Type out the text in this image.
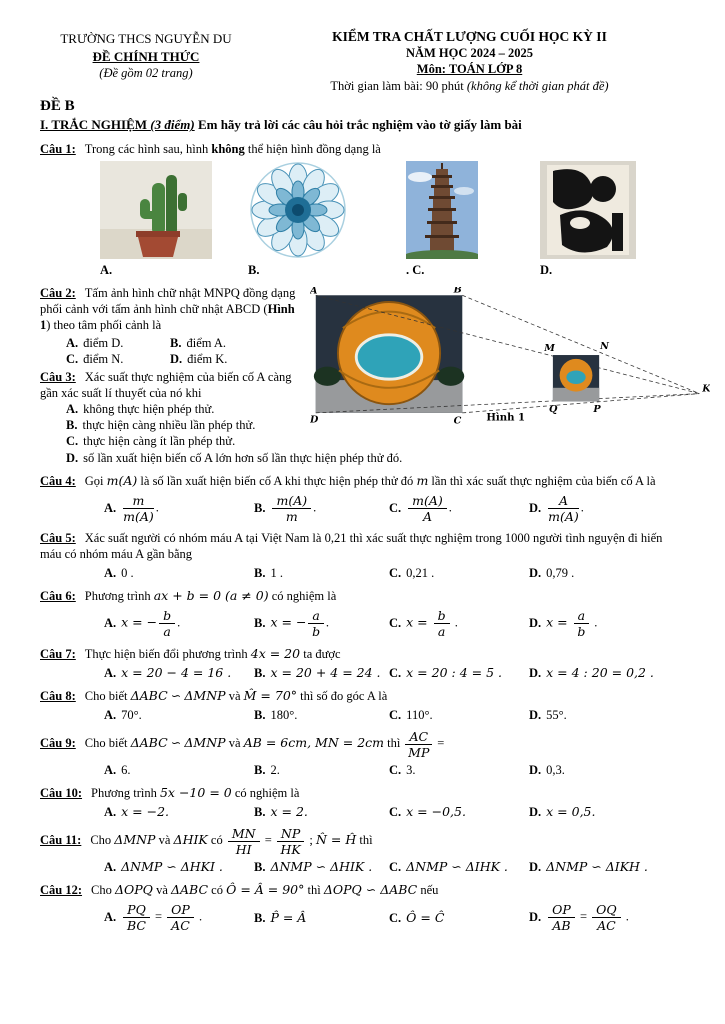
TRƯỜNG THCS NGUYỄN DU
ĐỀ CHÍNH THỨC
(Đề gồm 02 trang)
KIỂM TRA CHẤT LƯỢNG CUỐI HỌC KỲ II
NĂM HỌC 2024 – 2025
Môn: TOÁN LỚP 8
Thời gian làm bài: 90 phút (không kể thời gian phát đề)
ĐỀ B
I. TRẮC NGHIỆM (3 điểm) Em hãy trả lời các câu hỏi trắc nghiệm vào tờ giấy làm bài
Câu 1: Trong các hình sau, hình không thể hiện hình đồng dạng là
A.	B.	. C.	D.
Câu 2: Tấm ảnh hình chữ nhật MNPQ đồng dạng phối cảnh với tấm ảnh hình chữ nhật ABCD (Hình 1) theo tâm phối cảnh là
A. điểm D.	B. điểm A.
C. điểm N.	D. điểm K.
Câu 3: Xác suất thực nghiệm của biến cố A càng gần xác suất lí thuyết của nó khi
A. không thực hiện phép thử.
B. thực hiện càng nhiều lần phép thử.
C. thực hiện càng ít lần phép thử.
A	B
D	C
M	N
Q	P
K
Hình 1
D. số lần xuất hiện biến cố A lớn hơn số lần thực hiện phép thử đó.
Câu 4: Gọi m(A) là số lần xuất hiện biến cố A khi thực hiện phép thử đó m lần thì xác suất thực nghiệm của biến cố A là
A. $\frac{m}{m(A)}$ .	B. $\frac{m(A)}{m}$ .	C. $\frac{m(A)}{A}$ .	D. $\frac{A}{m(A)}$ .
Câu 5: Xác suất người có nhóm máu A tại Việt Nam là 0,21 thì xác suất thực nghiệm trong 1000 người tình nguyện đi hiến máu có nhóm máu A gần bằng
A. 0 .	B. 1 .	C. 0,21 .	D. 0,79 .
Câu 6: Phương trình ax + b = 0 (a ≠ 0) có nghiệm là
A. x = − $\frac{b}{a}$ .	B. x = − $\frac{a}{b}$ .	C. $x = \frac{b}{a}$ .	D. $x = \frac{a}{b}$ .
Câu 7: Thực hiện biến đổi phương trình 4x = 20 ta được
A. x = 20 − 4 = 16 .	B. x = 20 + 4 = 24 . C. x = 20 : 4 = 5 .	D. x = 4 : 20 = 0,2 .
Câu 8: Cho biết ΔABC ∽ ΔMNP và M̂ = 70° thì số đo góc A là
A. 70°.	B. 180°.	C. 110°.	D. 55°.
Câu 9: Cho biết ΔABC ∽ ΔMNP và AB = 6cm, MN = 2cm thì $\frac{AC}{MP}$ =
A. 6.	B. 2.	C. 3.	D. 0,3.
Câu 10: Phương trình 5x −10 = 0 có nghiệm là
A. x = −2.	B. x = 2.	C. x = −0,5.	D. x = 0,5.
Câu 11: Cho ΔMNP và ΔHIK có $\frac{MN}{HI} = \frac{NP}{HK}$ ; N̂ = Ĥ thì
A. ΔNMP ∽ ΔHKI .	B. ΔNMP ∽ ΔHIK .	C. ΔNMP ∽ ΔIHK .	D. ΔNMP ∽ ΔIKH .
Câu 12: Cho ΔOPQ và ΔABC có Ô = Â = 90° thì ΔOPQ ∽ ΔABC nếu
A. $\frac{PQ}{BC} = \frac{OP}{AC}$ .	B. P̂ = Â	C. Ô = Ĉ	D. $\frac{OP}{AB} = \frac{OQ}{AC}$ .
